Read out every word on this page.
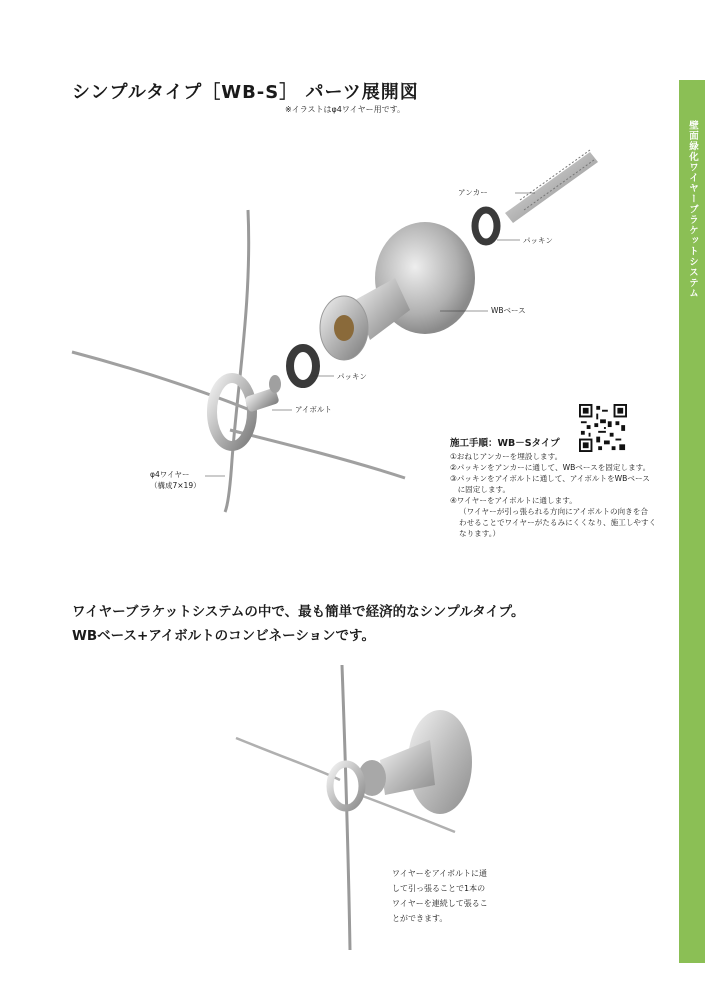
シンプルタイプ［WB-S］ パーツ展開図
※イラストはφ4ワイヤー用です。
壁面緑化ワイヤーブラケットシステム
アンカー
パッキン
WBベース
パッキン
アイボルト
φ4ワイヤー
（構成7×19）
施工手順：WB－Sタイプ
①おねじアンカーを埋設します。
②パッキンをアンカーに通して、WBベースを固定します。
③パッキンをアイボルトに通して、アイボルトをWBベース
　に固定します。
④ワイヤーをアイボルトに通します。
（ワイヤーが引っ張られる方向にアイボルトの向きを合
わせることでワイヤーがたるみにくくなり、施工しやすく
なります。）
ワイヤーブラケットシステムの中で、最も簡単で経済的なシンプルタイプ。
WBベース+アイボルトのコンビネーションです。
ワイヤーをアイボルトに通
して引っ張ることで1本の
ワイヤーを連続して張るこ
とができます。
